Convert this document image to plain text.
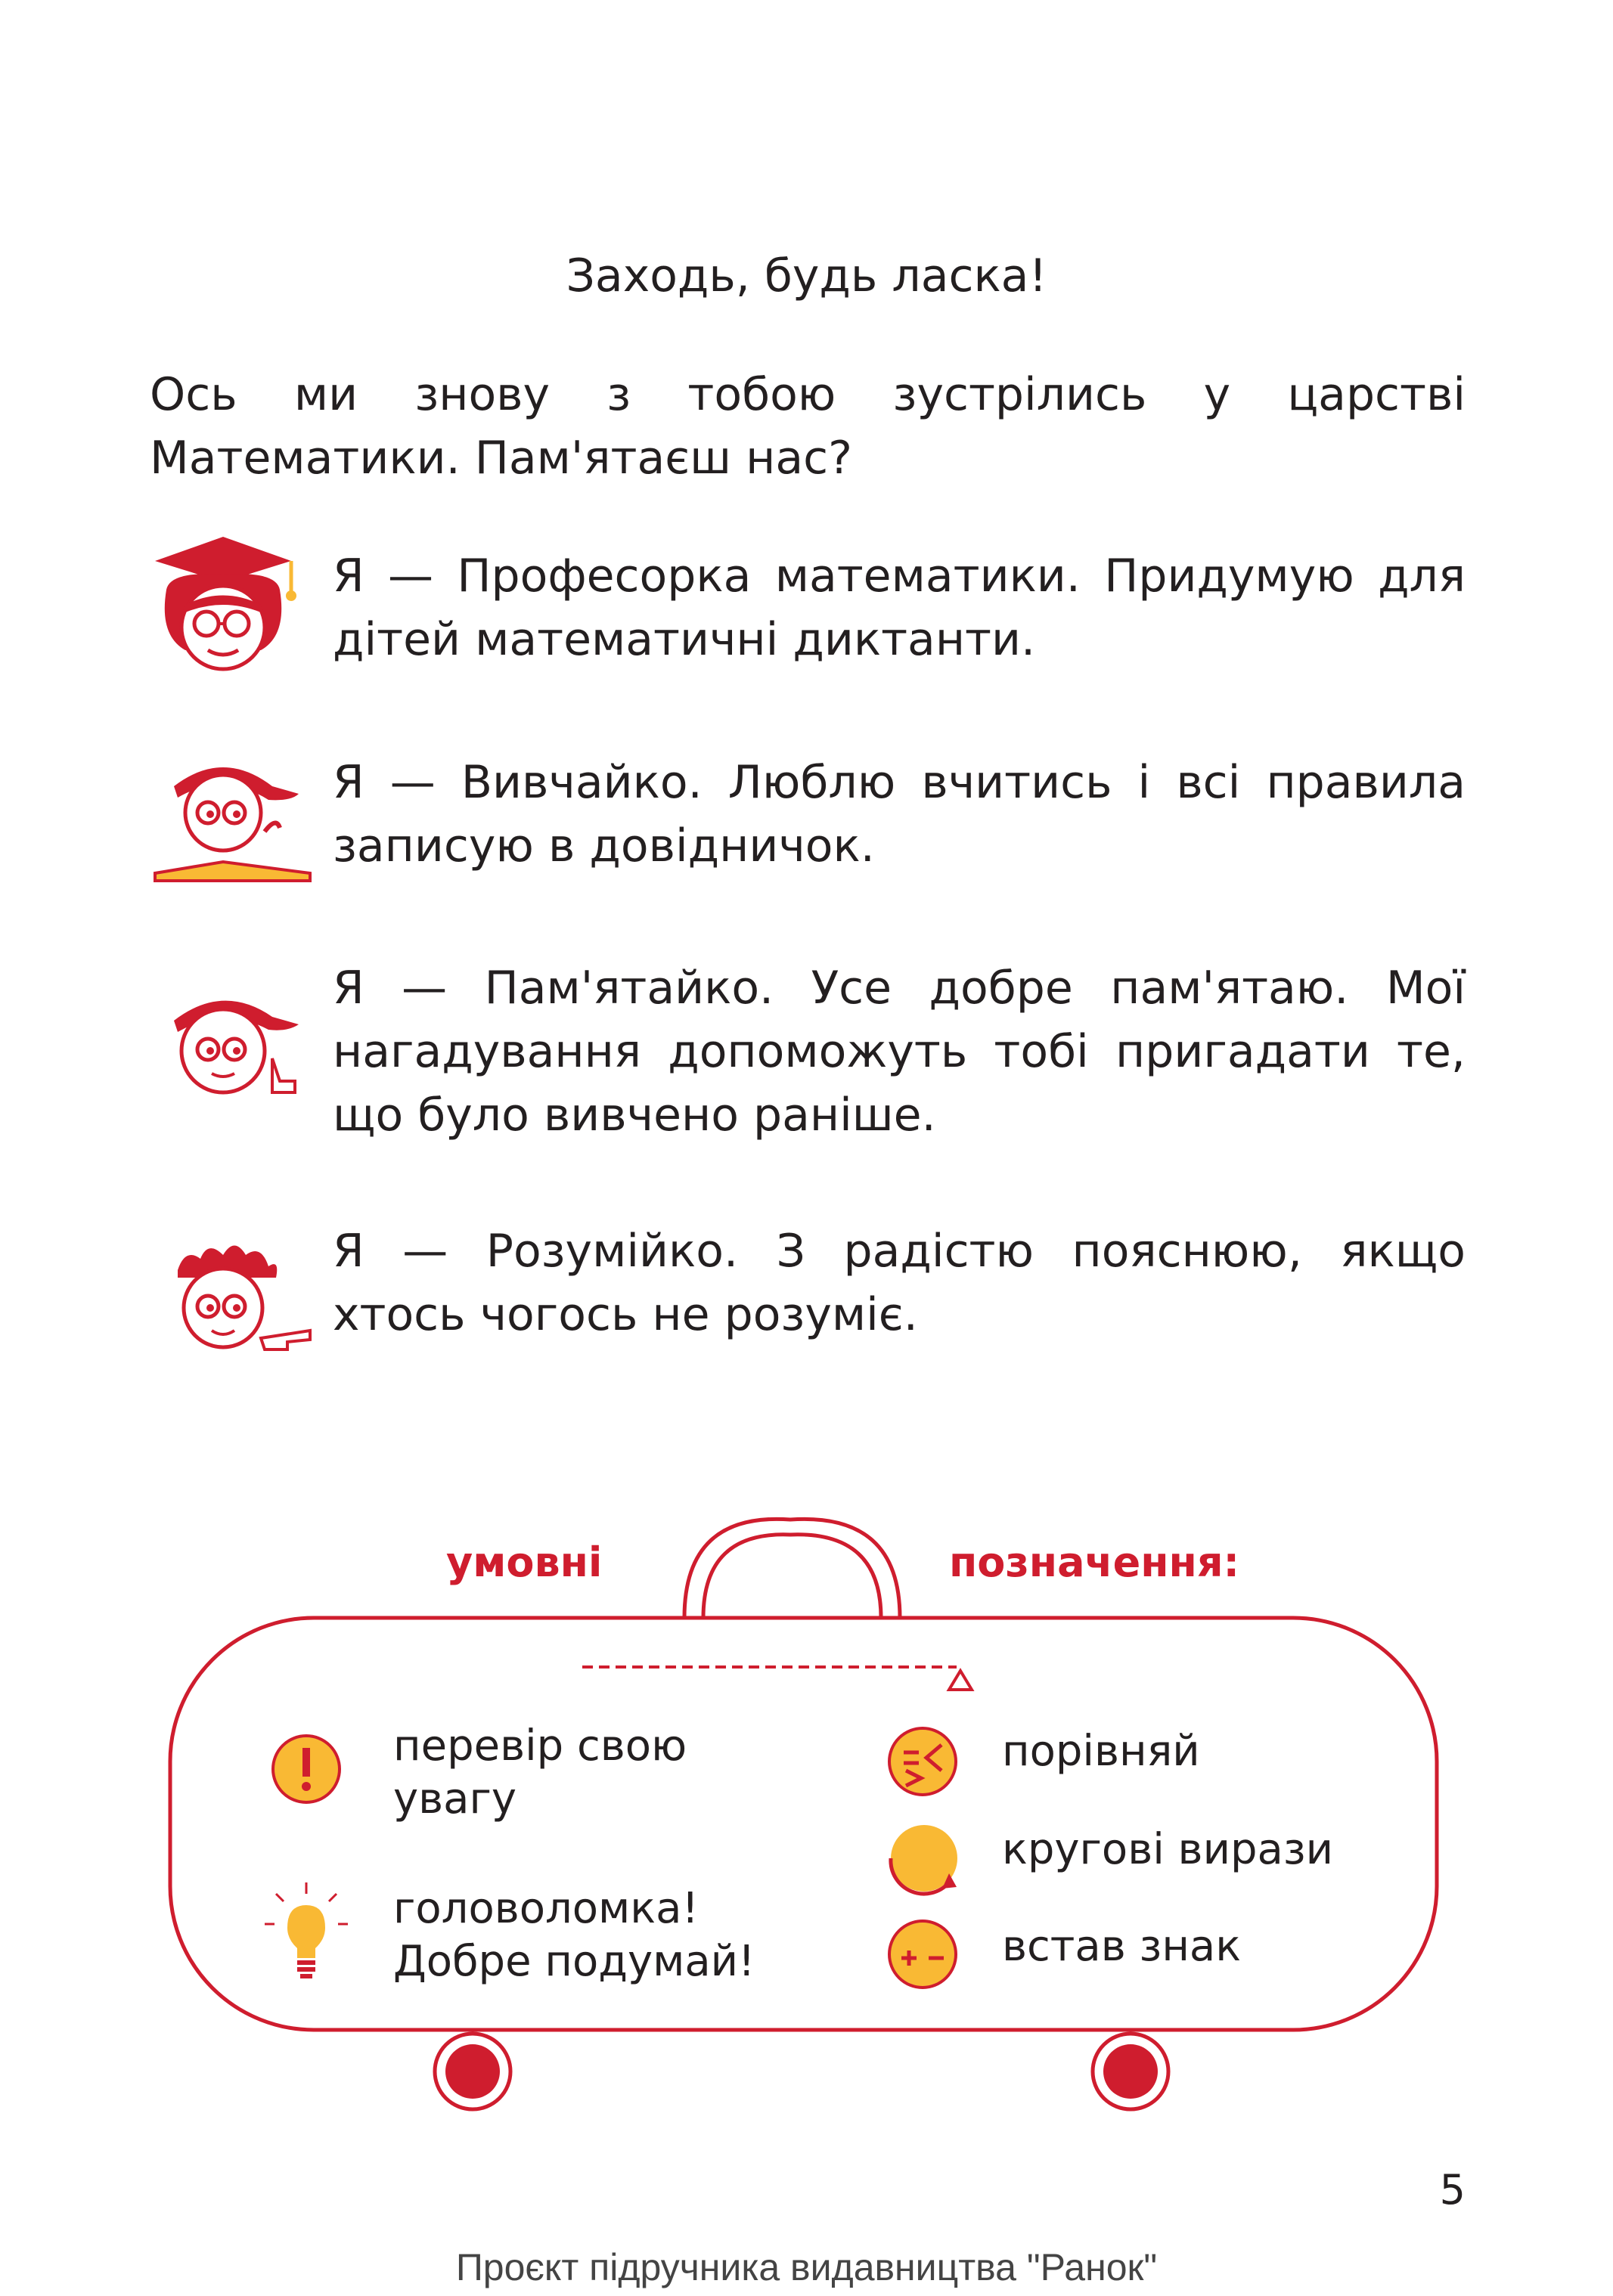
Заходь, будь ласка!
Ось ми знову з тобою зустрілись у царстві Математики. Пам'ятаєш нас?
Я — Професорка математики. Придумую для дітей математичні диктанти.
Я — Вивчайко. Люблю вчитись і всі правила записую в довідничок.
Я — Пам'ятайко. Усе добре пам'ятаю. Мої нагадування допоможуть тобі пригадати те, що було вивчено раніше.
Я — Розумійко. З радістю пояснюю, якщо хтось чогось не розуміє.
умовні	позначення:
перевір свою
увагу
головоломка!
Добре подумай!
порівняй
кругові вирази
встав знак
5
Проєкт підручника видавництва "Ранок"
